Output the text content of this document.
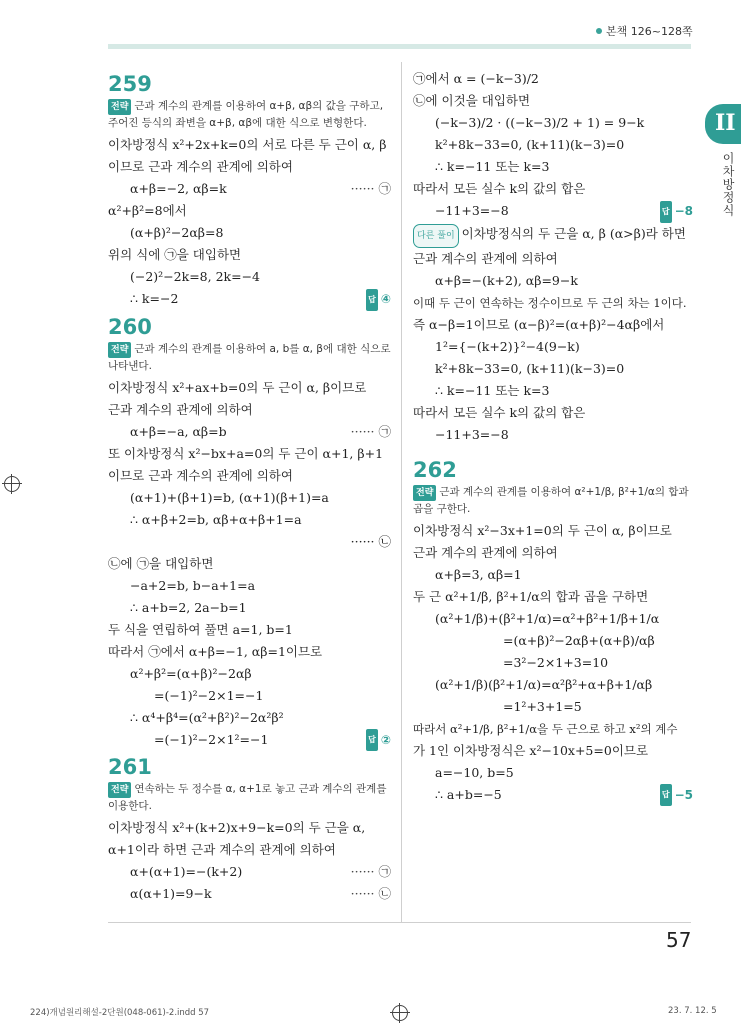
본책 126~128쪽
II
이차방정식
259
전략 근과 계수의 관계를 이용하여 α+β, αβ의 값을 구하고, 주어진 등식의 좌변을 α+β, αβ에 대한 식으로 변형한다.
이차방정식 x²+2x+k=0의 서로 다른 두 근이 α, β
이므로 근과 계수의 관계에 의하여
α+β=−2, αβ=k	······ ㉠
α²+β²=8에서
(α+β)²−2αβ=8
위의 식에 ㉠을 대입하면
(−2)²−2k=8, 2k=−4
∴ k=−2	답 ④
260
전략 근과 계수의 관계를 이용하여 a, b를 α, β에 대한 식으로 나타낸다.
이차방정식 x²+ax+b=0의 두 근이 α, β이므로
근과 계수의 관계에 의하여
α+β=−a, αβ=b	······ ㉠
또 이차방정식 x²−bx+a=0의 두 근이 α+1, β+1
이므로 근과 계수의 관계에 의하여
(α+1)+(β+1)=b, (α+1)(β+1)=a
∴ α+β+2=b, αβ+α+β+1=a
······ ㉡
㉡에 ㉠을 대입하면
−a+2=b, b−a+1=a
∴ a+b=2, 2a−b=1
두 식을 연립하여 풀면 a=1, b=1
따라서 ㉠에서 α+β=−1, αβ=1이므로
α²+β²=(α+β)²−2αβ
=(−1)²−2×1=−1
∴ α⁴+β⁴=(α²+β²)²−2α²β²
=(−1)²−2×1²=−1	답 ②
261
전략 연속하는 두 정수를 α, α+1로 놓고 근과 계수의 관계를 이용한다.
이차방정식 x²+(k+2)x+9−k=0의 두 근을 α,
α+1이라 하면 근과 계수의 관계에 의하여
α+(α+1)=−(k+2)	······ ㉠
α(α+1)=9−k	······ ㉡
㉠에서 α = (−k−3)/2
㉡에 이것을 대입하면
(−k−3)/2 · ((−k−3)/2 + 1) = 9−k
k²+8k−33=0, (k+11)(k−3)=0
∴ k=−11 또는 k=3
따라서 모든 실수 k의 값의 합은
−11+3=−8	답 −8
다른 풀이 이차방정식의 두 근을 α, β (α>β)라 하면
근과 계수의 관계에 의하여
α+β=−(k+2), αβ=9−k
이때 두 근이 연속하는 정수이므로 두 근의 차는 1이다.
즉 α−β=1이므로 (α−β)²=(α+β)²−4αβ에서
1²={−(k+2)}²−4(9−k)
k²+8k−33=0, (k+11)(k−3)=0
∴ k=−11 또는 k=3
따라서 모든 실수 k의 값의 합은
−11+3=−8
262
전략 근과 계수의 관계를 이용하여 α²+1/β, β²+1/α의 합과 곱을 구한다.
이차방정식 x²−3x+1=0의 두 근이 α, β이므로
근과 계수의 관계에 의하여
α+β=3, αβ=1
두 근 α²+1/β, β²+1/α의 합과 곱을 구하면
(α²+1/β)+(β²+1/α)=α²+β²+1/β+1/α
=(α+β)²−2αβ+(α+β)/αβ
=3²−2×1+3=10
(α²+1/β)(β²+1/α)=α²β²+α+β+1/αβ
=1²+3+1=5
따라서 α²+1/β, β²+1/α을 두 근으로 하고 x²의 계수
가 1인 이차방정식은 x²−10x+5=0이므로
a=−10, b=5
∴ a+b=−5	답 −5
57
224)개념원리해설-2단원(048-061)-2.indd 57	23. 7. 12. 5
